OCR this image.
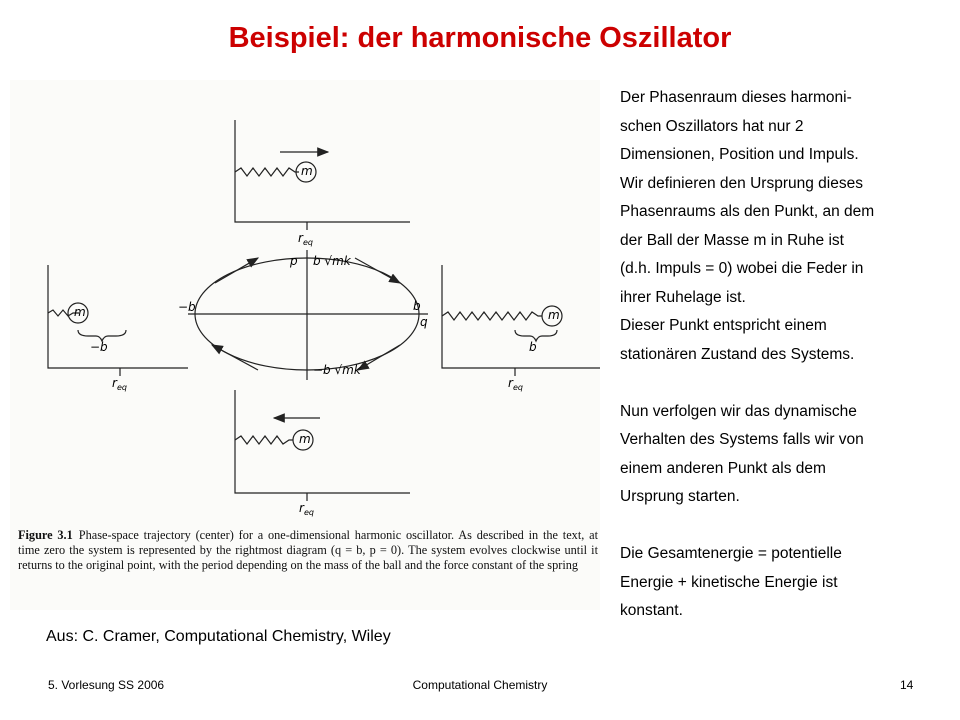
Beispiel: der harmonische Oszillator
m
$r_{eq}$
p b √mk
−b	b
q
−b √mk
m
−b
$r_{eq}$
m
b
$r_{eq}$
m
$r_{eq}$
Figure 3.1 Phase-space trajectory (center) for a one-dimensional harmonic oscillator. As described in the text, at time zero the system is represented by the rightmost diagram (q = b, p = 0). The system evolves clockwise until it returns to the original point, with the period depending on the mass of the ball and the force constant of the spring

Der Phasenraum dieses harmoni-

schen Oszillators hat nur 2

Dimensionen, Position und Impuls.

Wir definieren den Ursprung dieses

Phasenraums als den Punkt, an dem

der Ball der Masse m in Ruhe ist

(d.h. Impuls = 0) wobei die Feder in

ihrer Ruhelage ist.

Dieser Punkt entspricht einem

stationären Zustand des Systems.

Nun verfolgen wir das dynamische

Verhalten des Systems falls wir von

einem anderen Punkt als dem

Ursprung starten.

Die Gesamtenergie = potentielle

Energie + kinetische Energie ist

konstant.

Aus: C. Cramer, Computational Chemistry, Wiley
5. Vorlesung SS 2006	Computational Chemistry	14
